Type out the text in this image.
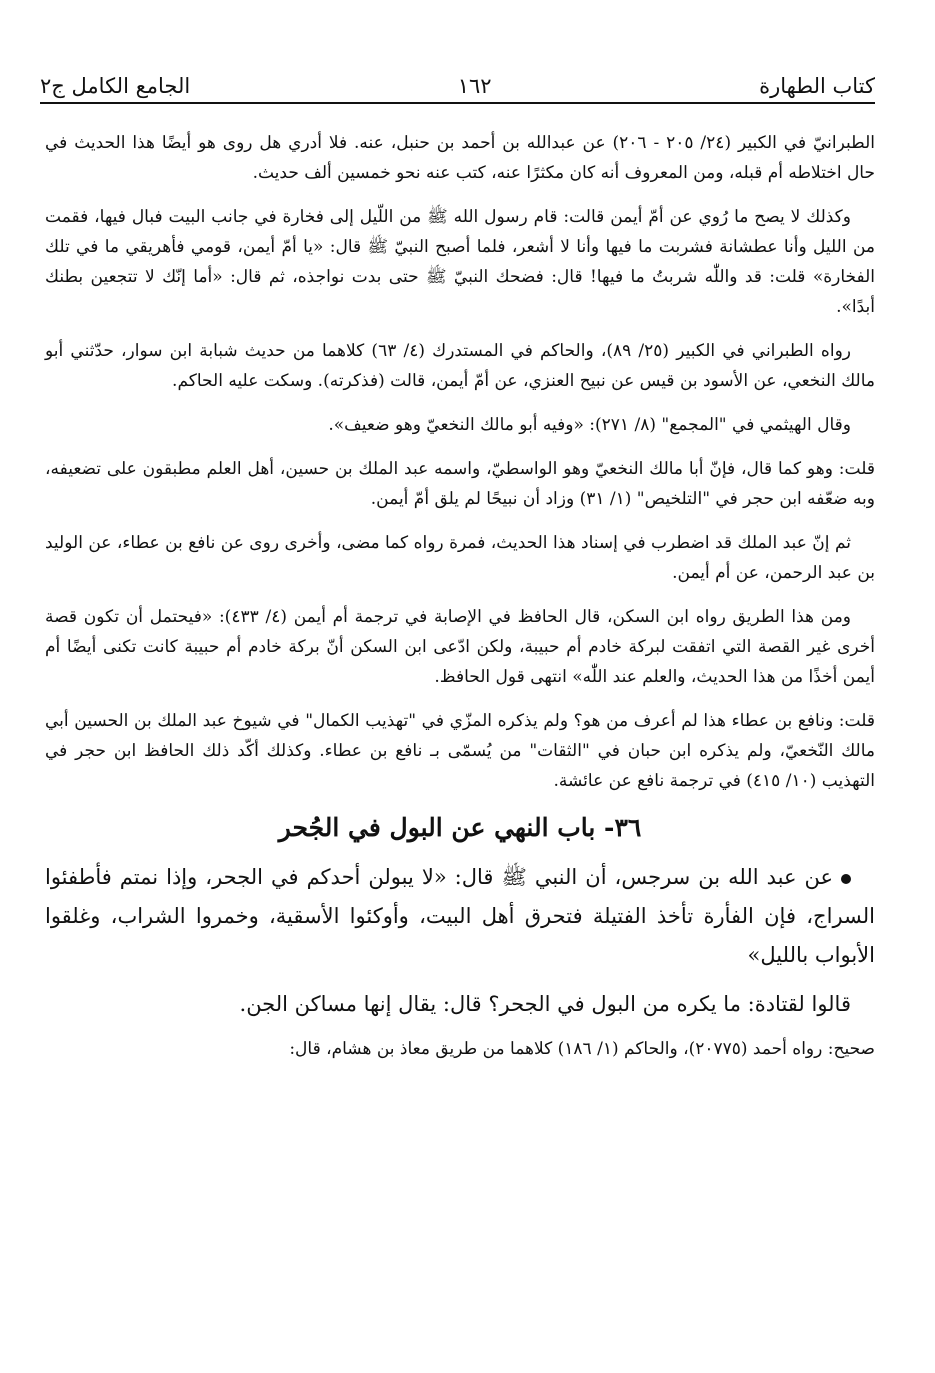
كتاب الطهارة
١٦٢
الجامع الكامل ج٢

الطبرانيّ في الكبير (٢٤/ ٢٠٥ - ٢٠٦) عن عبدالله بن أحمد بن حنبل، عنه. فلا أدري هل روى هو أيضًا هذا الحديث في حال اختلاطه أم قبله، ومن المعروف أنه كان مكثرًا عنه، كتب عنه نحو خمسين ألف حديث.

وكذلك لا يصح ما رُوي عن أمّ أيمن قالت: قام رسول الله ﷺ من اللّيل إلى فخارة في جانب البيت فبال فيها، فقمت من الليل وأنا عطشانة فشربت ما فيها وأنا لا أشعر، فلما أصبح النبيّ ﷺ قال: «يا أمّ أيمن، قومي فأهريقي ما في تلك الفخارة» قلت: قد واللّٰه شربتُ ما فيها! قال: فضحك النبيّ ﷺ حتى بدت نواجذه، ثم قال: «أما إنّك لا تتجعين بطنك أبدًا».

رواه الطبراني في الكبير (٢٥/ ٨٩)، والحاكم في المستدرك (٤/ ٦٣) كلاهما من حديث شبابة ابن سوار، حدّثني أبو مالك النخعي، عن الأسود بن قيس عن نبيح العنزي، عن أمّ أيمن، قالت (فذكرته). وسكت عليه الحاكم.

وقال الهيثمي في "المجمع" (٨/ ٢٧١): «وفيه أبو مالك النخعيّ وهو ضعيف».

قلت: وهو كما قال، فإنّ أبا مالك النخعيّ وهو الواسطيّ، واسمه عبد الملك بن حسين، أهل العلم مطبقون على تضعيفه، وبه ضعّفه ابن حجر في "التلخيص" (١/ ٣١) وزاد أن نبيحًا لم يلق أمّ أيمن.

ثم إنّ عبد الملك قد اضطرب في إسناد هذا الحديث، فمرة رواه كما مضى، وأخرى روى عن نافع بن عطاء، عن الوليد بن عبد الرحمن، عن أم أيمن.

ومن هذا الطريق رواه ابن السكن، قال الحافظ في الإصابة في ترجمة أم أيمن (٤/ ٤٣٣): «فيحتمل أن تكون قصة أخرى غير القصة التي اتفقت لبركة خادم أم حبيبة، ولكن ادّعى ابن السكن أنّ بركة خادم أم حبيبة كانت تكنى أيضًا أم أيمن أخذًا من هذا الحديث، والعلم عند اللّٰه» انتهى قول الحافظ.

قلت: ونافع بن عطاء هذا لم أعرف من هو؟ ولم يذكره المزّي في "تهذيب الكمال" في شيوخ عبد الملك بن الحسين أبي مالك النّخعيّ، ولم يذكره ابن حبان في "الثقات" من يُسمّى بـ نافع بن عطاء. وكذلك أكّد ذلك الحافظ ابن حجر في التهذيب (١٠/ ٤١٥) في ترجمة نافع عن عائشة.

٣٦- باب النهي عن البول في الجُحر

عن عبد الله بن سرجس، أن النبي ﷺ قال: «لا يبولن أحدكم في الجحر، وإذا نمتم فأطفئوا السراج، فإن الفأرة تأخذ الفتيلة فتحرق أهل البيت، وأوكئوا الأسقية، وخمروا الشراب، وغلقوا الأبواب بالليل»

قالوا لقتادة: ما يكره من البول في الجحر؟ قال: يقال إنها مساكن الجن.

صحيح: رواه أحمد (٢٠٧٧٥)، والحاكم (١/ ١٨٦) كلاهما من طريق معاذ بن هشام، قال:
